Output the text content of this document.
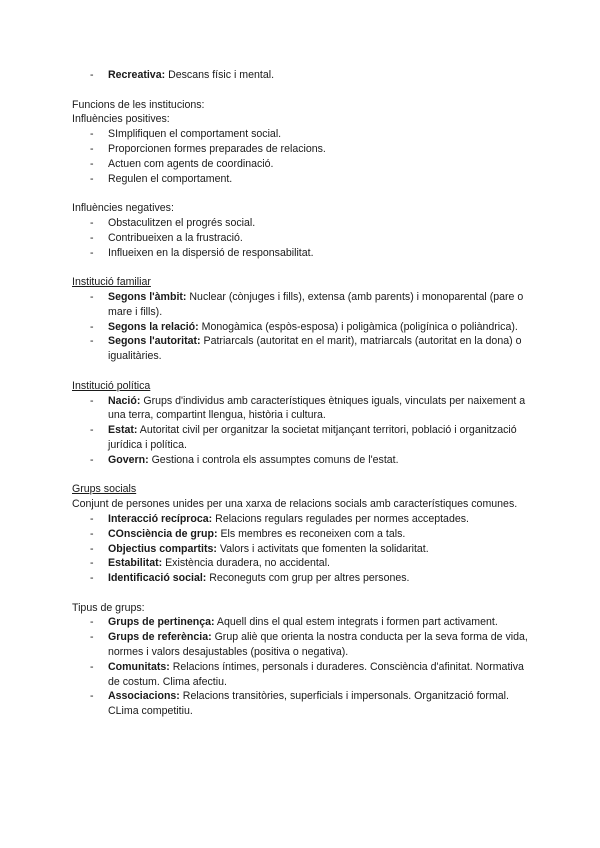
- Recreativa: Descans físic i mental.

Funcions de les institucions:

Influències positives:

- SImplifiquen el comportament social.
- Proporcionen formes preparades de relacions.
- Actuen com agents de coordinació.
- Regulen el comportament.

Influències negatives:

- Obstaculitzen el progrés social.
- Contribueixen a la frustració.
- Influeixen en la dispersió de responsabilitat.

Institució familiar

- Segons l'àmbit: Nuclear (cònjuges i fills), extensa (amb parents) i monoparental (pare o mare i fills).
- Segons la relació: Monogàmica (espòs-esposa) i poligàmica (poligínica o poliàndrica).
- Segons l'autoritat: Patriarcals (autoritat en el marit), matriarcals (autoritat en la dona) o igualitàries.

Institució política

- Nació: Grups d'individus amb característiques ètniques iguals, vinculats per naixement a una terra, compartint llengua, història i cultura.
- Estat: Autoritat civil per organitzar la societat mitjançant territori, població i organització jurídica i política.
- Govern: Gestiona i controla els assumptes comuns de l'estat.

Grups socials

Conjunt de persones unides per una xarxa de relacions socials amb característiques comunes.

- Interacció recíproca: Relacions regulars regulades per normes acceptades.
- COnsciència de grup: Els membres es reconeixen com a tals.
- Objectius compartits: Valors i activitats que fomenten la solidaritat.
- Estabilitat: Existència duradera, no accidental.
- Identificació social: Reconeguts com grup per altres persones.

Tipus de grups:

- Grups de pertinença: Aquell dins el qual estem integrats i formen part activament.
- Grups de referència: Grup aliè que orienta la nostra conducta per la seva forma de vida, normes i valors desajustables (positiva o negativa).
- Comunitats: Relacions íntimes, personals i duraderes. Consciència d'afinitat. Normativa de costum. Clima afectiu.
- Associacions: Relacions transitòries, superficials i impersonals. Organització formal. CLima competitiu.
